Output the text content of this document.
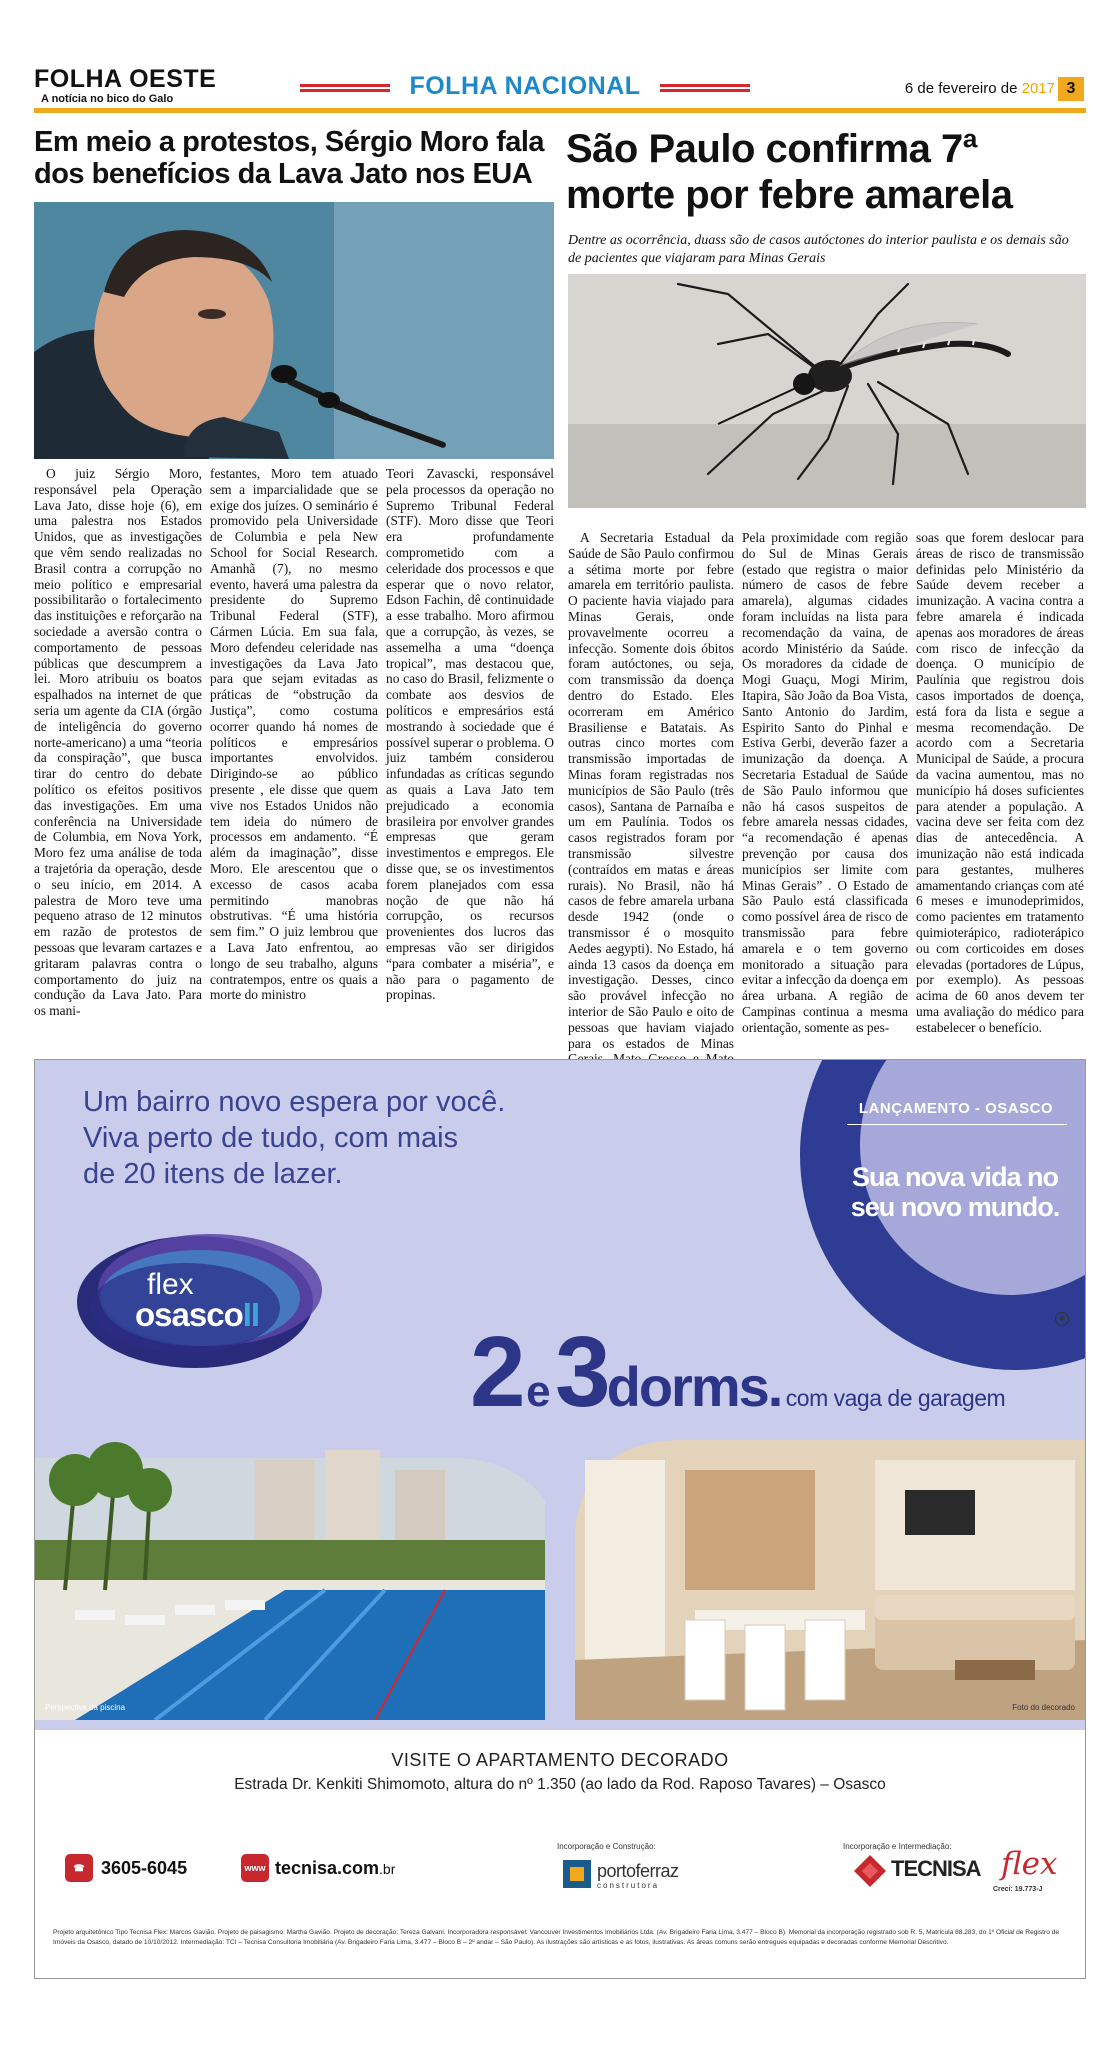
FOLHA OESTE
A notícia no bico do Galo	FOLHA NACIONAL	6 de fevereiro de 2017 3
Em meio a protestos, Sérgio Moro fala dos benefícios da Lava Jato nos EUA

O juiz Sérgio Moro, responsável pela Operação Lava Jato, disse hoje (6), em uma palestra nos Estados Unidos, que as investigações que vêm sendo realizadas no Brasil contra a corrupção no meio político e empresarial possibilitarão o fortalecimento das instituições e reforçarão na sociedade a aversão contra o comportamento de pessoas públicas que descumprem a lei. Moro atribuiu os boatos espalhados na internet de que seria um agente da CIA (órgão de inteligência do governo norte-americano) a uma “teoria da conspiração”, que busca tirar do centro do debate político os efeitos positivos das investigações. Em uma conferência na Universidade de Columbia, em Nova York, Moro fez uma análise de toda a trajetória da operação, desde o seu início, em 2014. A palestra de Moro teve uma pequeno atraso de 12 minutos em razão de protestos de pessoas que levaram cartazes e gritaram palavras contra o comportamento do juiz na condução da Lava Jato. Para os mani-

festantes, Moro tem atuado sem a imparcialidade que se exige dos juízes. O seminário é promovido pela Universidade de Columbia e pela New School for Social Research. Amanhã (7), no mesmo evento, haverá uma palestra da presidente do Supremo Tribunal Federal (STF), Cármen Lúcia. Em sua fala, Moro defendeu celeridade nas investigações da Lava Jato para que sejam evitadas as práticas de “obstrução da Justiça”, como costuma ocorrer quando há nomes de políticos e empresários importantes envolvidos. Dirigindo-se ao público presente , ele disse que quem vive nos Estados Unidos não tem ideia do número de processos em andamento. “É além da imaginação”, disse Moro. Ele arescentou que o excesso de casos acaba permitindo manobras obstrutivas. “É uma história sem fim.” O juiz lembrou que a Lava Jato enfrentou, ao longo de seu trabalho, alguns contratempos, entre os quais a morte do ministro

Teori Zavascki, responsável pela processos da operação no Supremo Tribunal Federal (STF). Moro disse que Teori era profundamente comprometido com a celeridade dos processos e que esperar que o novo relator, Edson Fachin, dê continuidade a esse trabalho. Moro afirmou que a corrupção, às vezes, se assemelha a uma “doença tropical”, mas destacou que, no caso do Brasil, felizmente o combate aos desvios de políticos e empresários está mostrando à sociedade que é possível superar o problema. O juiz também considerou infundadas as críticas segundo as quais a Lava Jato tem prejudicado a economia brasileira por envolver grandes empresas que geram investimentos e empregos. Ele disse que, se os investimentos forem planejados com essa noção de que não há corrupção, os recursos provenientes dos lucros das empresas vão ser dirigidos “para combater a miséria”, e não para o pagamento de propinas.

São Paulo confirma 7ª morte por febre amarela
Dentre as ocorrência, duass são de casos autóctones do interior paulista e os demais são de pacientes que viajaram para Minas Gerais

A Secretaria Estadual da Saúde de São Paulo confirmou a sétima morte por febre amarela em território paulista. O paciente havia viajado para Minas Gerais, onde provavelmente ocorreu a infecção. Somente dois óbitos foram autóctones, ou seja, com transmissão da doença dentro do Estado. Eles ocorreram em Américo Brasiliense e Batatais. As outras cinco mortes com transmissão importadas de Minas foram registradas nos municípios de São Paulo (três casos), Santana de Parnaíba e um em Paulínia. Todos os casos registrados foram por transmissão silvestre (contraídos em matas e áreas rurais). No Brasil, não há casos de febre amarela urbana desde 1942 (onde o transmissor é o mosquito Aedes aegypti). No Estado, há ainda 13 casos da doença em investigação. Desses, cinco são provável infecção no interior de São Paulo e oito de pessoas que haviam viajado para os estados de Minas

Pela proximidade com região do Sul de Minas Gerais (estado que registra o maior número de casos de febre amarela), algumas cidades foram incluídas na lista para recomendação da vaina, de acordo Ministério da Saúde. Os moradores da cidade de Mogi Guaçu, Mogi Mirim, Itapira, São João da Boa Vista, Santo Antonio do Jardim, Espirito Santo do Pinhal e Estiva Gerbi, deverão fazer a imunização da doença. A Secretaria Estadual de Saúde de São Paulo informou que não há casos suspeitos de febre amarela nessas cidades, “a recomendação é apenas prevenção por causa dos municípios ser limite com Minas Gerais” . O Estado de São Paulo está classificada como possível área de risco de transmissão para febre amarela e o tem governo monitorado a situação para evitar a infecção da doença em área urbana. A região de Campinas continua a mesma orientação, somente as pes-

soas que forem deslocar para áreas de risco de transmissão definidas pelo Ministério da Saúde devem receber a imunização. A vacina contra a febre amarela é indicada apenas aos moradores de áreas com risco de infecção da doença. O município de Paulínia que registrou dois casos importados de doença, está fora da lista e segue a mesma recomendação. De acordo com a Secretaria Municipal de Saúde, a procura da vacina aumentou, mas no município há doses suficientes para atender a população. A vacina deve ser feita com dez dias de antecedência. A imunização não está indicada para gestantes, mulheres amamentando crianças com até 6 meses e imunodeprimidos, como pacientes em tratamento quimioterápico, radioterápico ou com corticoides em doses elevadas (portadores de Lúpus, por exemplo). As pessoas acima de 60 anos devem ter uma avaliação do médico para estabelecer o benefício.

Um bairro novo espera por você.
Viva perto de tudo, com mais
de 20 itens de lazer.
LANÇAMENTO - OSASCO
Sua nova vida no
seu novo mundo.
flex
osascoII	◉
2 e 3dorms. com vaga de garagem
Perspectiva da piscina	Foto do decorado
VISITE O APARTAMENTO DECORADO
Estrada Dr. Kenkiti Shimomoto, altura do nº 1.350 (ao lado da Rod. Raposo Tavares) – Osasco
☎ 3605-6045	www tecnisa.com.br
Incorporação e Construção:
portoferraz
construtora
Incorporação e Intermediação:
TECNISA flex
Creci: 19.773-J
Projeto arquitetônico Tipo Tecnisa Flex: Marcos Gavião. Projeto de paisagismo: Martha Gavião. Projeto de decoração: Tereza Galvani. Incorporadora responsável: Vancouver Investimentos Imobiliários Ltda. (Av. Brigadeiro Faria Lima, 3.477 – Bloco B). Memorial da incorporação registrado sob R. 5, Matrícula 88.283, do 1º Oficial de Registro de Imóveis da Osasco, datado de 10/10/2012. Intermediação: TCI – Tecnisa Consultoria Imobiliária (Av. Brigadeiro Faria Lima, 3.477 – Bloco B – 2º andar – São Paulo). As ilustrações são artísticas e as fotos, ilustrativas. As áreas comuns serão entregues equipadas e decoradas conforme Memorial Descritivo.
